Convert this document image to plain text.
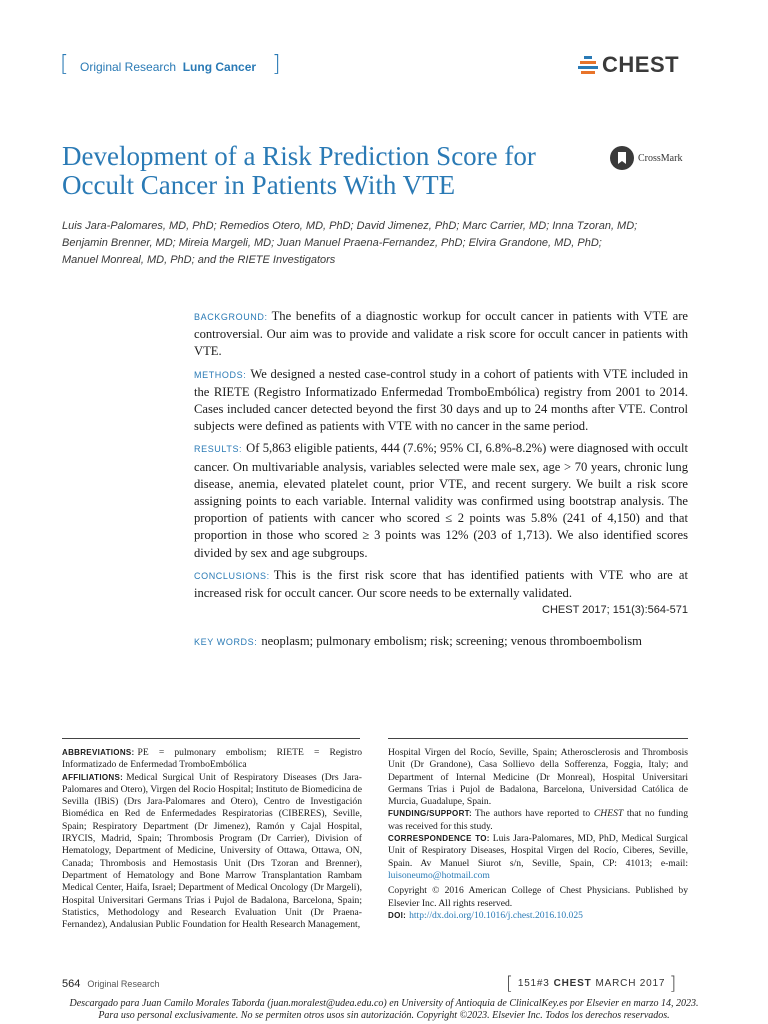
[ Original Research Lung Cancer ]	CHEST
Development of a Risk Prediction Score for
Occult Cancer in Patients With VTE
CrossMark
Luis Jara-Palomares, MD, PhD; Remedios Otero, MD, PhD; David Jimenez, PhD; Marc Carrier, MD; Inna Tzoran, MD;
Benjamin Brenner, MD; Mireia Margeli, MD; Juan Manuel Praena-Fernandez, PhD; Elvira Grandone, MD, PhD;
Manuel Monreal, MD, PhD; and the RIETE Investigators

BACKGROUND: The benefits of a diagnostic workup for occult cancer in patients with VTE are controversial. Our aim was to provide and validate a risk score for occult cancer in patients with VTE.

METHODS: We designed a nested case-control study in a cohort of patients with VTE included in the RIETE (Registro Informatizado Enfermedad TromboEmbólica) registry from 2001 to 2014. Cases included cancer detected beyond the first 30 days and up to 24 months after VTE. Control subjects were defined as patients with VTE with no cancer in the same period.

RESULTS: Of 5,863 eligible patients, 444 (7.6%; 95% CI, 6.8%-8.2%) were diagnosed with occult cancer. On multivariable analysis, variables selected were male sex, age > 70 years, chronic lung disease, anemia, elevated platelet count, prior VTE, and recent surgery. We built a risk score assigning points to each variable. Internal validity was confirmed using bootstrap analysis. The proportion of patients with cancer who scored ≤ 2 points was 5.8% (241 of 4,150) and that proportion in those who scored ≥ 3 points was 12% (203 of 1,713). We also identified scores divided by sex and age subgroups.

CONCLUSIONS: This is the first risk score that has identified patients with VTE who are at increased risk for occult cancer. Our score needs to be externally validated.

CHEST 2017; 151(3):564-571

KEY WORDS: neoplasm; pulmonary embolism; risk; screening; venous thromboembolism

ABBREVIATIONS: PE = pulmonary embolism; RIETE = Registro Informatizado de Enfermedad TromboEmbólica

AFFILIATIONS: Medical Surgical Unit of Respiratory Diseases (Drs Jara-Palomares and Otero), Virgen del Rocio Hospital; Instituto de Biomedicina de Sevilla (IBiS) (Drs Jara-Palomares and Otero), Centro de Investigación Biomédica en Red de Enfermedades Respiratorias (CIBERES), Seville, Spain; Respiratory Department (Dr Jimenez), Ramón y Cajal Hospital, IRYCIS, Madrid, Spain; Thrombosis Program (Dr Carrier), Division of Hematology, Department of Medicine, University of Ottawa, Ottawa, ON, Canada; Thrombosis and Hemostasis Unit (Drs Tzoran and Brenner), Department of Hematology and Bone Marrow Transplantation Rambam Medical Center, Haifa, Israel; Department of Medical Oncology (Dr Margeli), Hospital Universitari Germans Trias i Pujol de Badalona, Barcelona, Spain; Statistics, Methodology and Research Evaluation Unit (Dr Praena-Fernandez), Andalusian Public Foundation for Health Research Management,

Hospital Virgen del Rocío, Seville, Spain; Atherosclerosis and Thrombosis Unit (Dr Grandone), Casa Sollievo della Sofferenza, Foggia, Italy; and Department of Internal Medicine (Dr Monreal), Hospital Universitari Germans Trias i Pujol de Badalona, Barcelona, Universidad Católica de Murcia, Guadalupe, Spain.

FUNDING/SUPPORT: The authors have reported to CHEST that no funding was received for this study.

CORRESPONDENCE TO: Luis Jara-Palomares, MD, PhD, Medical Surgical Unit of Respiratory Diseases, Hospital Virgen del Rocío, Ciberes, Seville, Spain. Av Manuel Siurot s/n, Seville, Spain, CP: 41013; e-mail: luisoneumo@hotmail.com

Copyright © 2016 American College of Chest Physicians. Published by Elsevier Inc. All rights reserved.

DOI: http://dx.doi.org/10.1016/j.chest.2016.10.025

564 Original Research	[ 151#3 CHEST MARCH 2017 ]
Descargado para Juan Camilo Morales Taborda (juan.moralest@udea.edu.co) en University of Antioquia de ClinicalKey.es por Elsevier en marzo 14, 2023.
Para uso personal exclusivamente. No se permiten otros usos sin autorización. Copyright ©2023. Elsevier Inc. Todos los derechos reservados.
